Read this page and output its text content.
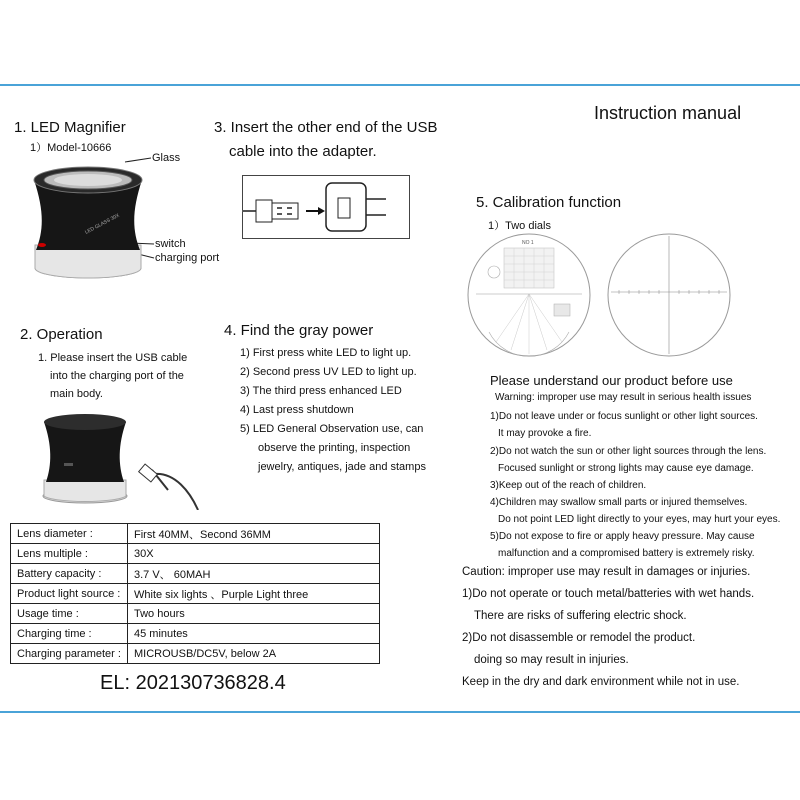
Instruction manual
1. LED Magnifier
1）Model-10666
Glass
switch
charging port
LED GLASS 30X
2. Operation
1. Please insert the USB cable
into the charging port of the
main body.
3. Insert the other end of the USB
cable into the adapter.
4. Find the gray power
1) First press white LED to light up.
2) Second press UV LED to light up.
3) The third press enhanced LED
4) Last press shutdown
5) LED General Observation use, can
observe the printing, inspection
jewelry, antiques, jade and stamps
Lens diameter :	First 40MM、Second 36MM
Lens multiple :	30X
Battery capacity :	3.7 V、 60MAH
Product light source :	White six lights 、Purple Light three
Usage time :	Two hours
Charging time :	45 minutes
Charging parameter :	MICROUSB/DC5V, below 2A
EL: 202130736828.4
5. Calibration function
1）Two dials
NO 1
Please understand our product before use
Warning: improper use may result in serious health issues
1)Do not leave under or focus sunlight or other light sources.
It may provoke a fire.
2)Do not watch the sun or other light sources through the lens.
Focused sunlight or strong lights may cause eye damage.
3)Keep out of the reach of children.
4)Children may swallow small parts or injured themselves.
Do not point LED light directly to your eyes, may hurt your eyes.
5)Do not expose to fire or apply heavy pressure. May cause
malfunction and a compromised battery is extremely risky.
Caution: improper use may result in damages or injuries.
1)Do not operate or touch metal/batteries with wet hands.
There are risks of suffering electric shock.
2)Do not disassemble or remodel the product.
doing so may result in injuries.
Keep in the dry and dark environment while not in use.
